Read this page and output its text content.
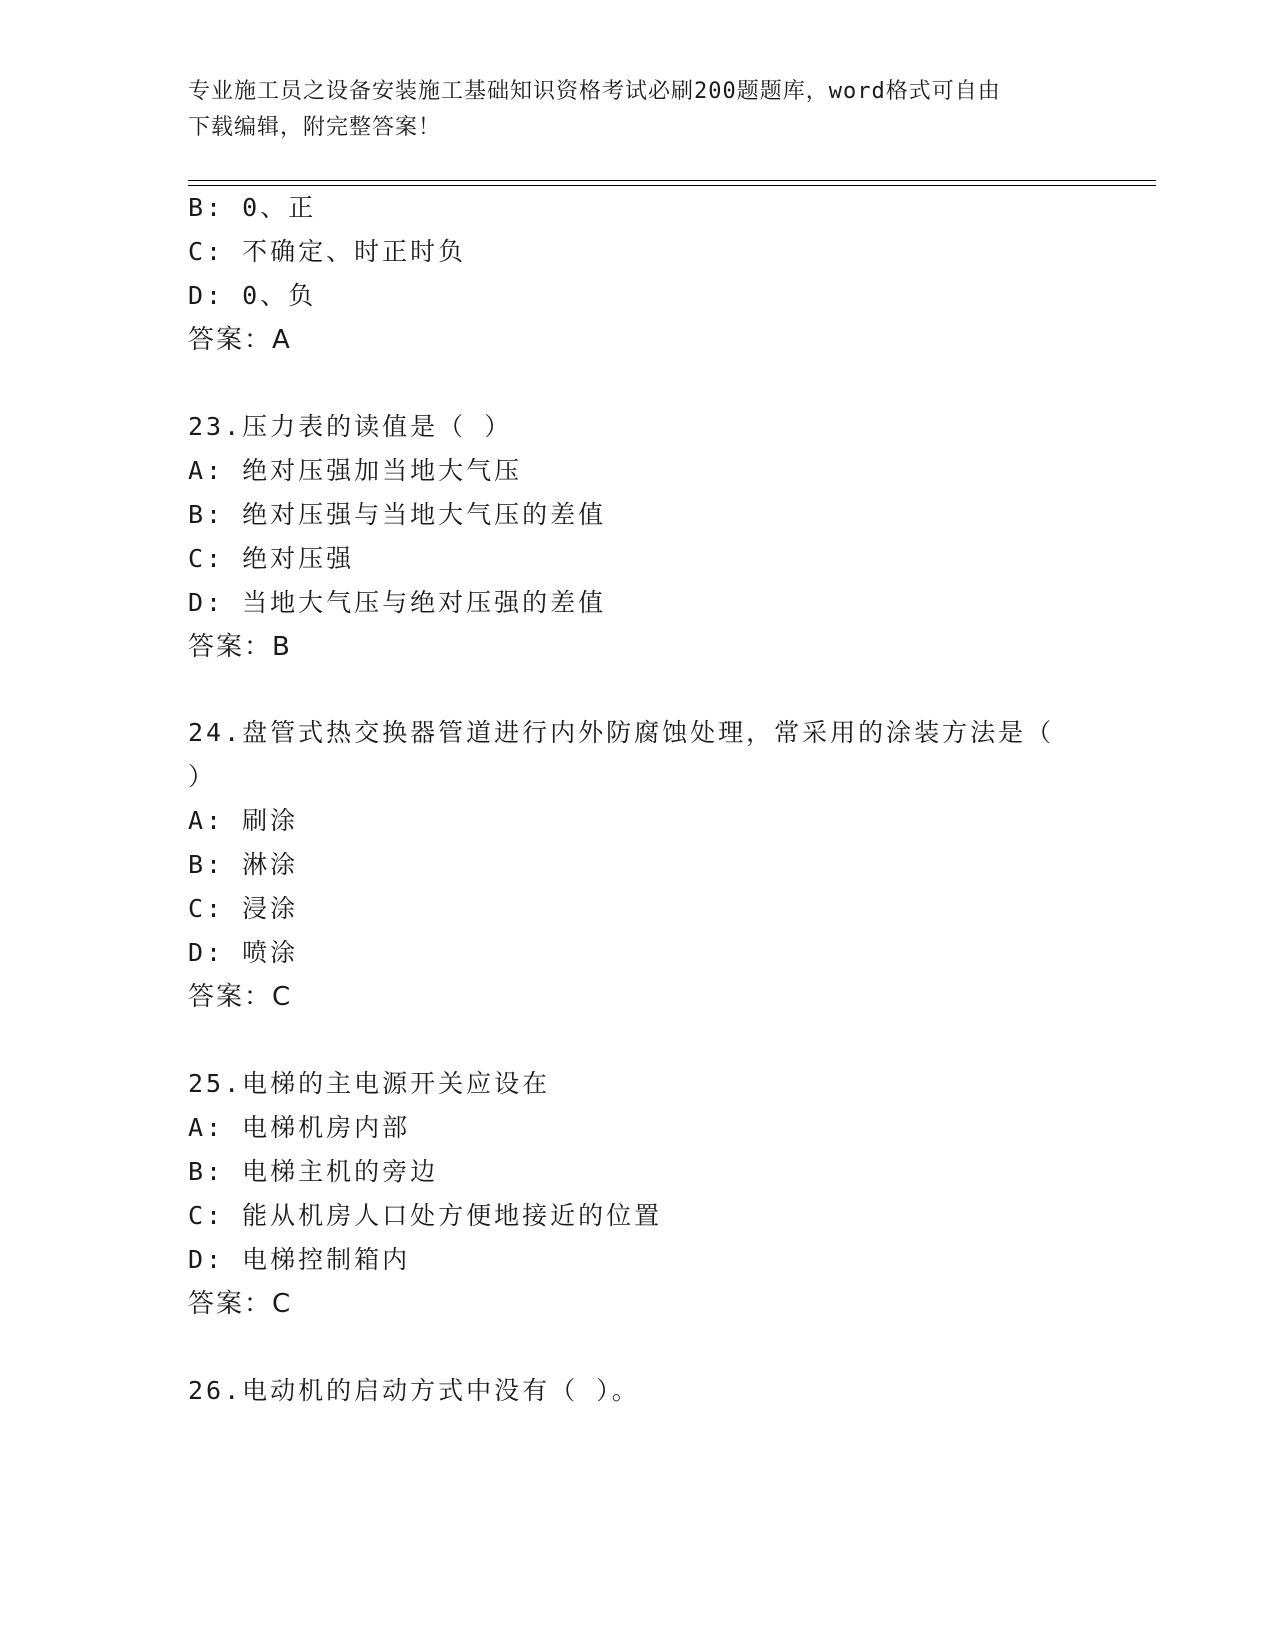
专业施工员之设备安装施工基础知识资格考试必刷200题题库，word格式可自由
下载编辑，附完整答案！
B: 0、正
C: 不确定、时正时负
D: 0、负
答案：A
23.压力表的读值是（ ）
A: 绝对压强加当地大气压
B: 绝对压强与当地大气压的差值
C: 绝对压强
D: 当地大气压与绝对压强的差值
答案：B
24.盘管式热交换器管道进行内外防腐蚀处理，常采用的涂装方法是（
）
A: 刷涂
B: 淋涂
C: 浸涂
D: 喷涂
答案：C
25.电梯的主电源开关应设在
A: 电梯机房内部
B: 电梯主机的旁边
C: 能从机房人口处方便地接近的位置
D: 电梯控制箱内
答案：C
26.电动机的启动方式中没有（ ）。
